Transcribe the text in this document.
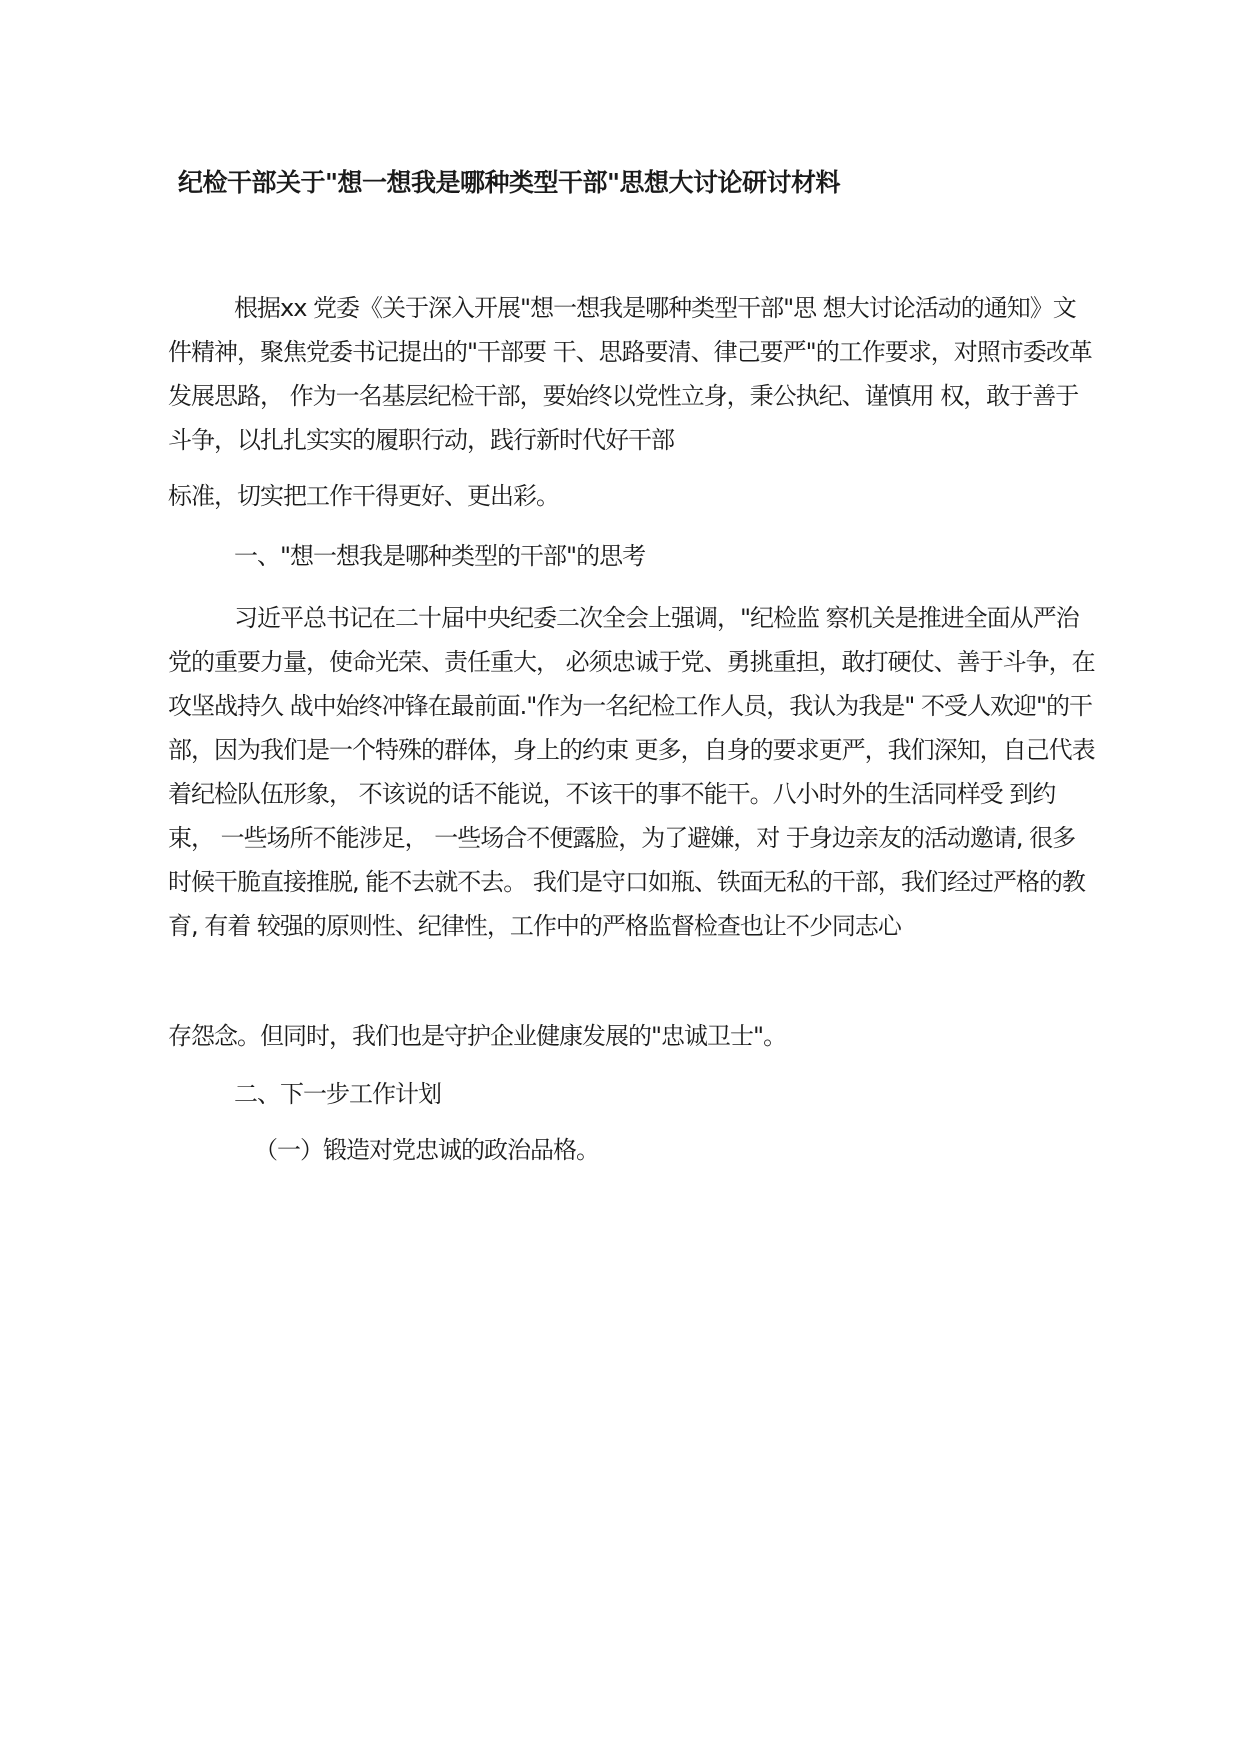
纪检干部关于"想一想我是哪种类型干部"思想大讨论研讨材料

根据xx 党委《关于深入开展"想一想我是哪种类型干部"思 想大讨论活动的通知》文件精神，聚焦党委书记提出的"干部要 干、思路要清、律己要严"的工作要求，对照市委改革发展思路， 作为一名基层纪检干部，要始终以党性立身，秉公执纪、谨慎用 权，敢于善于斗争，以扎扎实实的履职行动，践行新时代好干部

标准，切实把工作干得更好、更出彩。

一、"想一想我是哪种类型的干部"的思考

习近平总书记在二十届中央纪委二次全会上强调，"纪检监 察机关是推进全面从严治党的重要力量，使命光荣、责任重大， 必须忠诚于党、勇挑重担，敢打硬仗、善于斗争，在攻坚战持久 战中始终冲锋在最前面."作为一名纪检工作人员，我认为我是" 不受人欢迎"的干部，因为我们是一个特殊的群体，身上的约束 更多，自身的要求更严，我们深知，自己代表着纪检队伍形象， 不该说的话不能说，不该干的事不能干。八小时外的生活同样受 到约束， 一些场所不能涉足， 一些场合不便露脸，为了避嫌，对 于身边亲友的活动邀请, 很多时候干脆直接推脱, 能不去就不去。 我们是守口如瓶、铁面无私的干部，我们经过严格的教育, 有着 较强的原则性、纪律性，工作中的严格监督检查也让不少同志心

存怨念。但同时，我们也是守护企业健康发展的"忠诚卫士"。

二、下一步工作计划

（一）锻造对党忠诚的政治品格。
